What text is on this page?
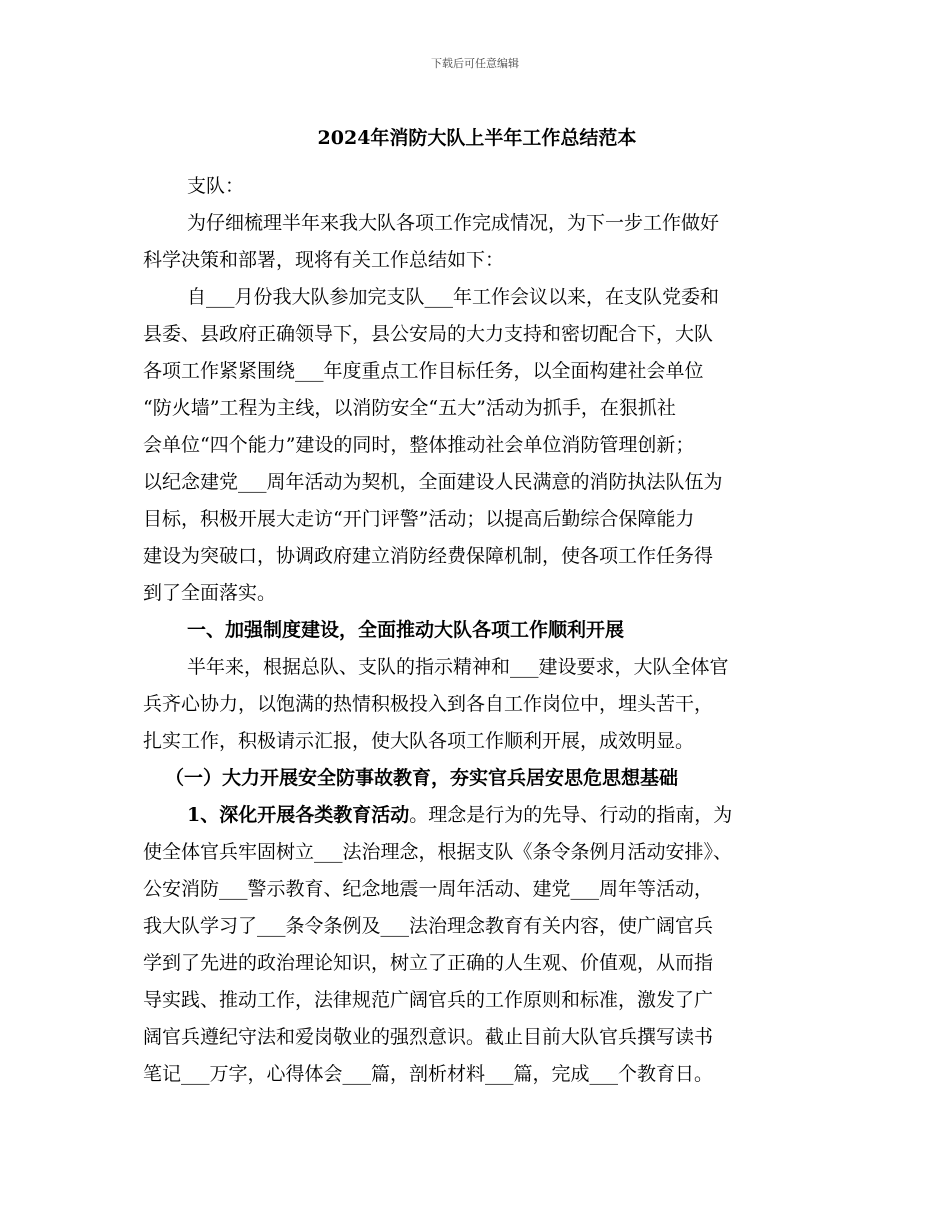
下载后可任意编辑
2024年消防大队上半年工作总结范本
支队：
为仔细梳理半年来我大队各项工作完成情况，为下一步工作做好
科学决策和部署，现将有关工作总结如下：
自___月份我大队参加完支队___年工作会议以来，在支队党委和
县委、县政府正确领导下，县公安局的大力支持和密切配合下，大队
各项工作紧紧围绕___年度重点工作目标任务，以全面构建社会单位
“防火墙”工程为主线，以消防安全“五大”活动为抓手，在狠抓社
会单位“四个能力”建设的同时，整体推动社会单位消防管理创新；
以纪念建党___周年活动为契机，全面建设人民满意的消防执法队伍为
目标，积极开展大走访“开门评警”活动；以提高后勤综合保障能力
建设为突破口，协调政府建立消防经费保障机制，使各项工作任务得
到了全面落实。
一、加强制度建设，全面推动大队各项工作顺利开展
半年来，根据总队、支队的指示精神和___建设要求，大队全体官
兵齐心协力，以饱满的热情积极投入到各自工作岗位中，埋头苦干，
扎实工作，积极请示汇报，使大队各项工作顺利开展，成效明显。
（一）大力开展安全防事故教育，夯实官兵居安思危思想基础
1、深化开展各类教育活动。理念是行为的先导、行动的指南，为
使全体官兵牢固树立___法治理念，根据支队《条令条例月活动安排》、
公安消防___警示教育、纪念地震一周年活动、建党___周年等活动，
我大队学习了___条令条例及___法治理念教育有关内容，使广阔官兵
学到了先进的政治理论知识，树立了正确的人生观、价值观，从而指
导实践、推动工作，法律规范广阔官兵的工作原则和标准，激发了广
阔官兵遵纪守法和爱岗敬业的强烈意识。截止目前大队官兵撰写读书
笔记___万字，心得体会___篇，剖析材料___篇，完成___个教育日。
